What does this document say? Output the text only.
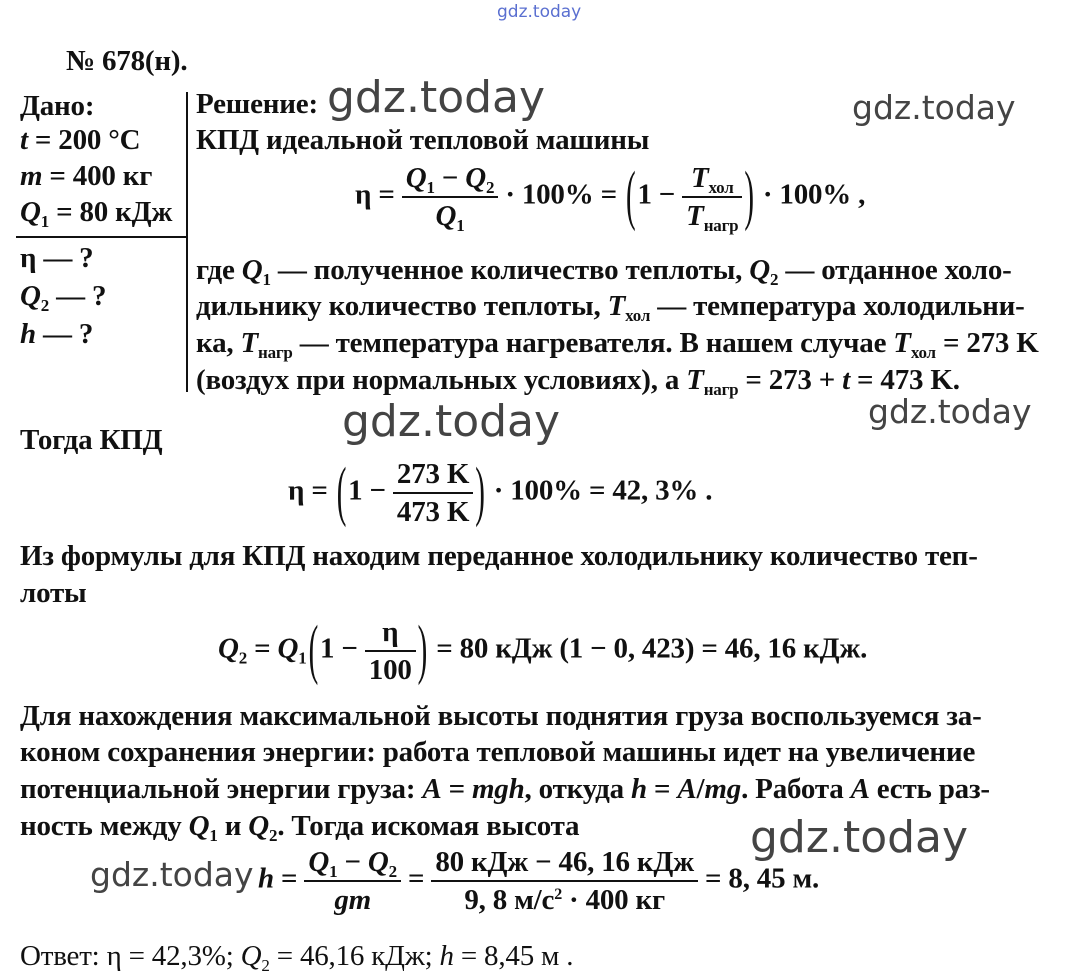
gdz.today
gdz.today	gdz.today
gdz.today	gdz.today
gdz.today
gdz.today
№ 678(н).
Дано:
t = 200 °C
m = 400 кг
$Q_1 = 80$ кДж
η — ?
$Q_2$ — ?
h — ?
Решение:
КПД идеальной тепловой машины
$\eta = \frac{Q_1 - Q_2}{Q_1} \cdot 100\% = (1 - \frac{T_{хол}}{T_{нагр}}$ ) · 100% ,
где $Q_1$ — полученное количество теплоты, $Q_2$ — отданное холо-
дильнику количество теплоты, $T_{хол}$ — температура холодильни-
ка, $T_{нагр}$ — температура нагревателя. В нашем случае $T_{хол} = 273$ K
(воздух при нормальных условиях), а $T_{нагр} = 273 + t = 473$ K.
Тогда КПД
$\eta = (1 - \frac{273 K}{473 K}$ ) · 100% = 42, 3% .
Из формулы для КПД находим переданное холодильнику количество теп-
лоты
$Q_2 = Q_1(1 - \frac{\eta}{100}$ ) = 80 кДж (1 − 0, 423) = 46, 16 кДж.
Для нахождения максимальной высоты поднятия груза воспользуемся за-
коном сохранения энергии: работа тепловой машины идет на увеличение
потенциальной энергии груза: A = mgh, откуда h = A/mg. Работа A есть раз-
ность между $Q_1$ и $Q_2$. Тогда искомая высота
$h = \frac{Q_1 - Q_2}{gm} = \frac{\text{80 кДж − 46, 16 кДж}}{9, 8 м/с^2 \cdot 400 кг} = 8$, 45 м.
Ответ: η = 42,3%; $Q_2 = 46,16$ кДж; h = 8,45 м .
